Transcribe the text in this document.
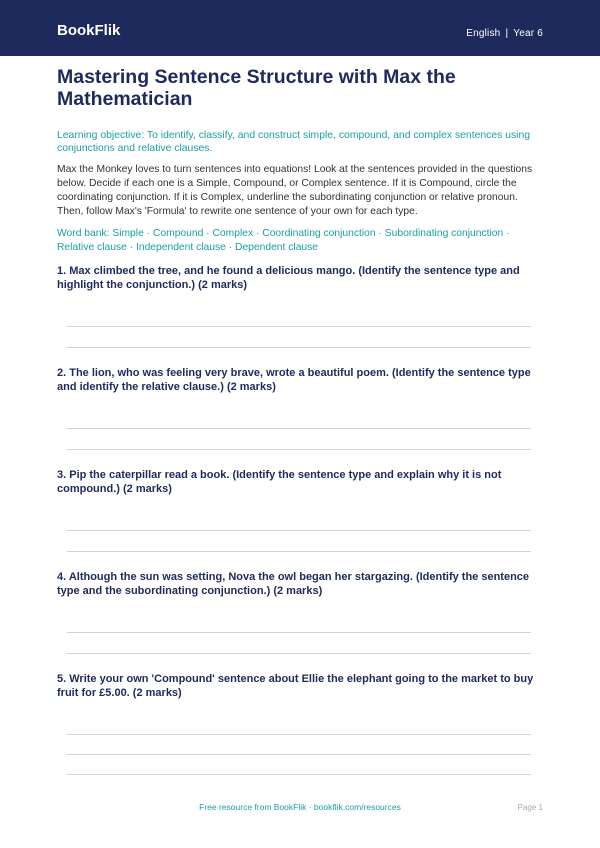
BookFlik	English | Year 6
Mastering Sentence Structure with Max the Mathematician
Learning objective: To identify, classify, and construct simple, compound, and complex sentences using conjunctions and relative clauses.
Max the Monkey loves to turn sentences into equations! Look at the sentences provided in the questions below. Decide if each one is a Simple, Compound, or Complex sentence. If it is Compound, circle the coordinating conjunction. If it is Complex, underline the subordinating conjunction or relative pronoun. Then, follow Max's 'Formula' to rewrite one sentence of your own for each type.
Word bank: Simple · Compound · Complex · Coordinating conjunction · Subordinating conjunction · Relative clause · Independent clause · Dependent clause
1. Max climbed the tree, and he found a delicious mango. (Identify the sentence type and highlight the conjunction.) (2 marks)
2. The lion, who was feeling very brave, wrote a beautiful poem. (Identify the sentence type and identify the relative clause.) (2 marks)
3. Pip the caterpillar read a book. (Identify the sentence type and explain why it is not compound.) (2 marks)
4. Although the sun was setting, Nova the owl began her stargazing. (Identify the sentence type and the subordinating conjunction.) (2 marks)
5. Write your own 'Compound' sentence about Ellie the elephant going to the market to buy fruit for £5.00. (2 marks)
Free resource from BookFlik · bookflik.com/resources	Page 1
